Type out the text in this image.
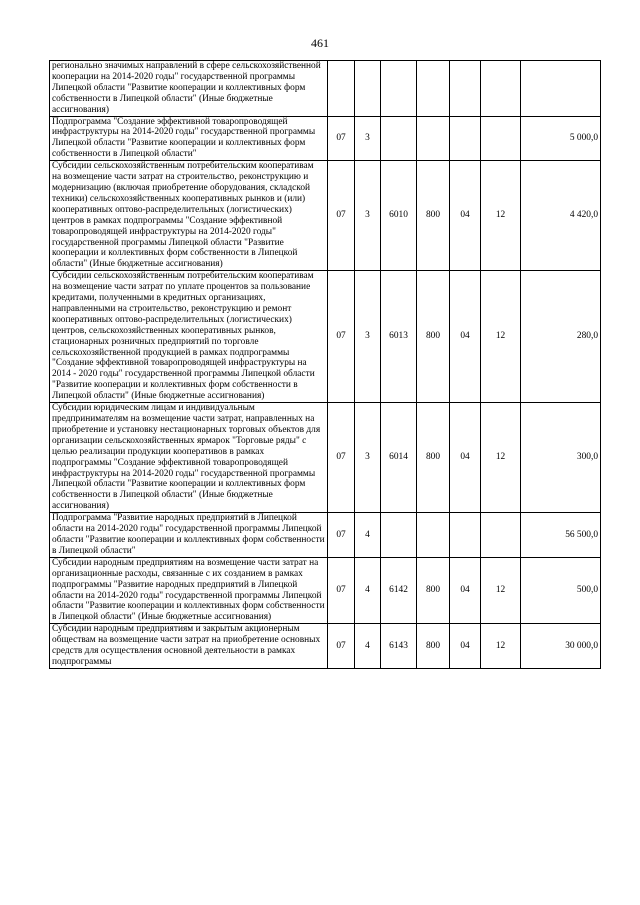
461
регионально значимых направлений в сфере сельскохозяйственной кооперации на 2014-2020 годы" государственной программы Липецкой области "Развитие кооперации и коллективных форм собственности в Липецкой области" (Иные бюджетные ассигнования)							
Подпрограмма "Создание эффективной товаропроводящей инфраструктуры на 2014-2020 годы" государственной программы Липецкой области "Развитие кооперации и коллективных форм собственности в Липецкой области"	07	3					5 000,0
Субсидии сельскохозяйственным потребительским кооперативам на возмещение части затрат на строительство, реконструкцию и модернизацию (включая приобретение оборудования, складской техники) сельскохозяйственных кооперативных рынков и (или) кооперативных оптово-распределительных (логистических) центров в рамках подпрограммы "Создание эффективной товаропроводящей инфраструктуры на 2014-2020 годы" государственной программы Липецкой области "Развитие кооперации и коллективных форм собственности в Липецкой области" (Иные бюджетные ассигнования)	07	3	6010	800	04	12	4 420,0
Субсидии сельскохозяйственным потребительским кооперативам на возмещение части затрат по уплате процентов за пользование кредитами, полученными в кредитных организациях, направленными на строительство, реконструкцию и ремонт кооперативных оптово-распределительных (логистических) центров, сельскохозяйственных кооперативных рынков, стационарных розничных предприятий по торговле сельскохозяйственной продукцией в рамках подпрограммы "Создание эффективной товаропроводящей инфраструктуры на 2014 - 2020 годы" государственной программы Липецкой области "Развитие кооперации и коллективных форм собственности в Липецкой области" (Иные бюджетные ассигнования)	07	3	6013	800	04	12	280,0
Субсидии юридическим лицам и индивидуальным предпринимателям на возмещение части затрат, направленных на приобретение и установку нестационарных торговых объектов для организации сельскохозяйственных ярмарок "Торговые ряды" с целью реализации продукции кооперативов в рамках подпрограммы "Создание эффективной товаропроводящей инфраструктуры на 2014-2020 годы" государственной программы Липецкой области "Развитие кооперации и коллективных форм собственности в Липецкой области" (Иные бюджетные ассигнования)	07	3	6014	800	04	12	300,0
Подпрограмма "Развитие народных предприятий в Липецкой области на 2014-2020 годы" государственной программы Липецкой области "Развитие кооперации и коллективных форм собственности в Липецкой области"	07	4					56 500,0
Субсидии народным предприятиям на возмещение части затрат на организационные расходы, связанные с их созданием в рамках подпрограммы "Развитие народных предприятий в Липецкой области на 2014-2020 годы" государственной программы Липецкой области "Развитие кооперации и коллективных форм собственности в Липецкой области" (Иные бюджетные ассигнования)	07	4	6142	800	04	12	500,0
Субсидии народным предприятиям и закрытым акционерным обществам на возмещение части затрат на приобретение основных средств для осуществления основной деятельности в рамках подпрограммы	07	4	6143	800	04	12	30 000,0
